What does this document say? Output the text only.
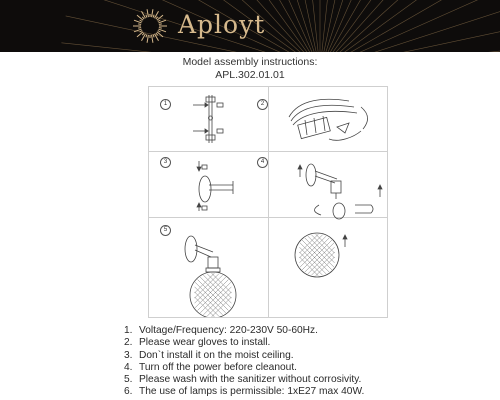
Aployt
Model assembly instructions:
APL.302.01.01
1	2
3	4
5
1. Voltage/Frequency: 220-230V 50-60Hz.
2. Please wear gloves to install.
3. Don`t install it on the moist ceiling.
4. Turn off the power before cleanout.
5. Please wash with the sanitizer without corrosivity.
6. The use of lamps is permissible: 1xE27 max 40W.
